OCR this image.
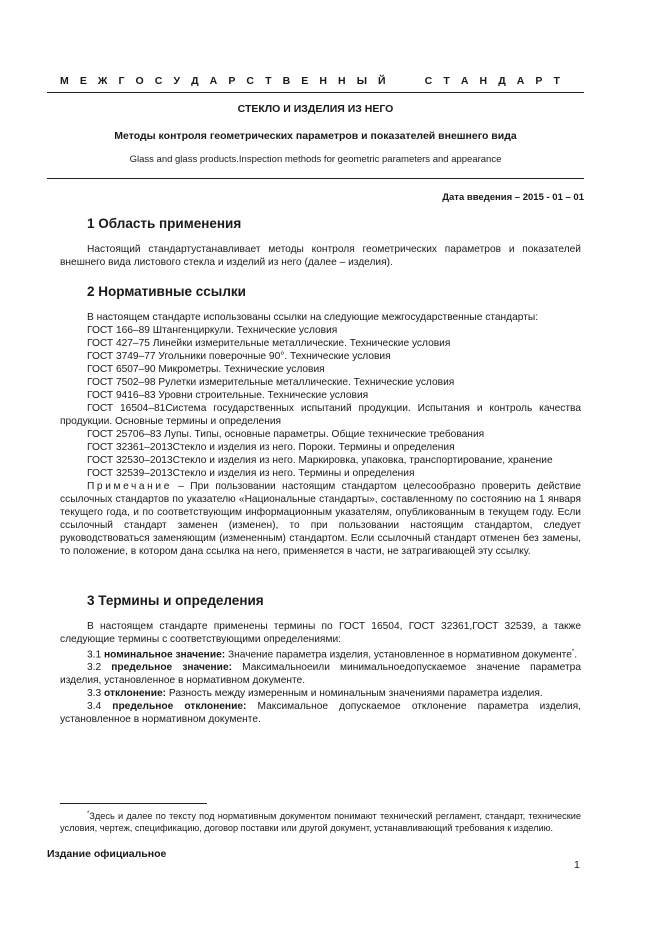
М Е Ж Г О С У Д А Р С Т В Е Н Н Ы Й

	С Т А Н Д А Р Т
СТЕКЛО И ИЗДЕЛИЯ ИЗ НЕГО
Методы контроля геометрических параметров и показателей внешнего вида
Glass and glass products.Inspection methods for geometric parameters and appearance
Дата введения – 2015 - 01 – 01
1 Область применения

Настоящий стандартустанавливает методы контроля геометрических параметров и показателей внешнего вида листового стекла и изделий из него (далее – изделия).

2 Нормативные ссылки

В настоящем стандарте использованы ссылки на следующие межгосударственные стандарты:

ГОСТ 166–89 Штангенциркули. Технические условия

ГОСТ 427–75 Линейки измерительные металлические. Технические условия

ГОСТ 3749–77 Угольники поверочные 90°. Технические условия

ГОСТ 6507–90 Микрометры. Технические условия

ГОСТ 7502–98 Рулетки измерительные металлические. Технические условия

ГОСТ 9416–83 Уровни строительные. Технические условия

ГОСТ 16504–81Система государственных испытаний продукции. Испытания и контроль качества продукции. Основные термины и определения

ГОСТ 25706–83 Лупы. Типы, основные параметры. Общие технические требования

ГОСТ 32361–2013Стекло и изделия из него. Пороки. Термины и определения

ГОСТ 32530–2013Стекло и изделия из него. Маркировка, упаковка, транспортирование, хранение

ГОСТ 32539–2013Стекло и изделия из него. Термины и определения

Примечание – При пользовании настоящим стандартом целесообразно проверить действие ссылочных стандартов по указателю «Национальные стандарты», составленному по состоянию на 1 января текущего года, и по соответствующим информационным указателям, опубликованным в текущем году. Если ссылочный стандарт заменен (изменен), то при пользовании настоящим стандартом, следует руководствоваться заменяющим (измененным) стандартом. Если ссылочный стандарт отменен без замены, то положение, в котором дана ссылка на него, применяется в части, не затрагивающей эту ссылку.

3 Термины и определения

В настоящем стандарте применены термины по ГОСТ 16504, ГОСТ 32361,ГОСТ 32539, а также следующие термины с соответствующими определениями:

3.1 номинальное значение: Значение параметра изделия, установленное в нормативном документе*.

3.2 предельное значение: Максимальноеили минимальноедопускаемое значение параметра изделия, установленное в нормативном документе.

3.3 отклонение: Разность между измеренным и номинальным значениями параметра изделия.

3.4 предельное отклонение: Максимальное допускаемое отклонение параметра изделия, установленное в нормативном документе.

*Здесь и далее по тексту под нормативным документом понимают технический регламент, стандарт, технические условия, чертеж, спецификацию, договор поставки или другой документ, устанавливающий требования к изделию.

Издание официальное
1
